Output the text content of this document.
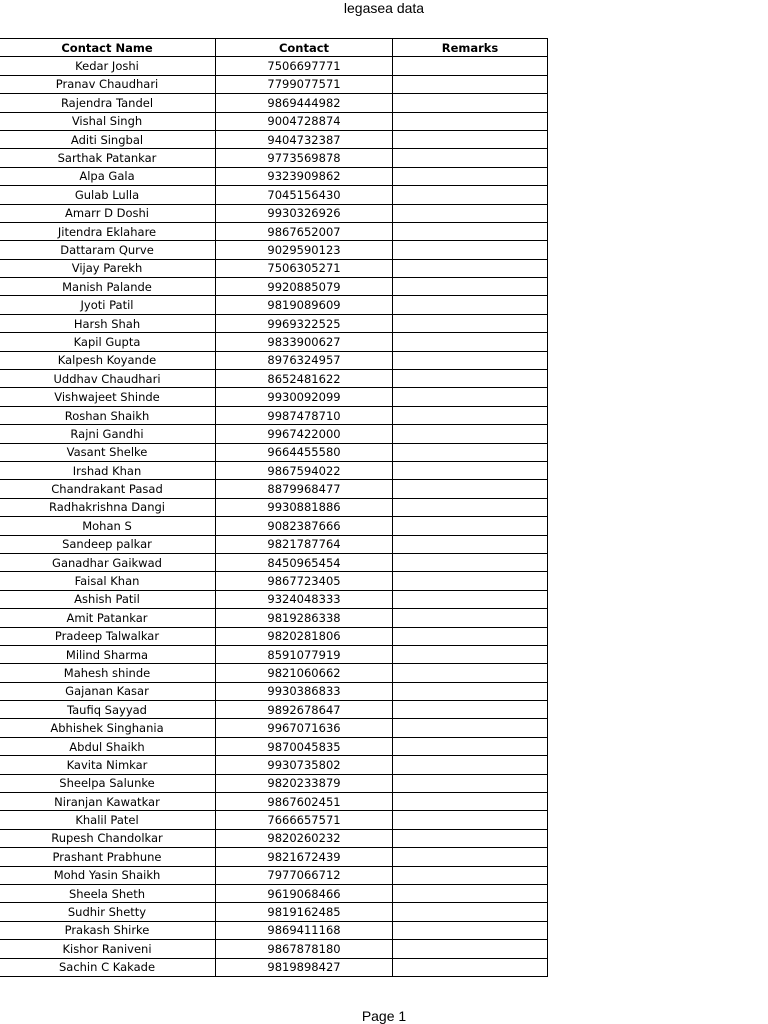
legasea data
Contact Name	Contact	Remarks
Kedar Joshi	7506697771	
Pranav Chaudhari	7799077571	
Rajendra Tandel	9869444982	
Vishal Singh	9004728874	
Aditi Singbal	9404732387	
Sarthak Patankar	9773569878	
Alpa Gala	9323909862	
Gulab Lulla	7045156430	
Amarr D Doshi	9930326926	
Jitendra Eklahare	9867652007	
Dattaram Qurve	9029590123	
Vijay Parekh	7506305271	
Manish Palande	9920885079	
Jyoti Patil	9819089609	
Harsh Shah	9969322525	
Kapil Gupta	9833900627	
Kalpesh Koyande	8976324957	
Uddhav Chaudhari	8652481622	
Vishwajeet Shinde	9930092099	
Roshan Shaikh	9987478710	
Rajni Gandhi	9967422000	
Vasant Shelke	9664455580	
Irshad Khan	9867594022	
Chandrakant Pasad	8879968477	
Radhakrishna Dangi	9930881886	
Mohan S	9082387666	
Sandeep palkar	9821787764	
Ganadhar Gaikwad	8450965454	
Faisal Khan	9867723405	
Ashish Patil	9324048333	
Amit Patankar	9819286338	
Pradeep Talwalkar	9820281806	
Milind Sharma	8591077919	
Mahesh shinde	9821060662	
Gajanan Kasar	9930386833	
Taufiq Sayyad	9892678647	
Abhishek Singhania	9967071636	
Abdul Shaikh	9870045835	
Kavita Nimkar	9930735802	
Sheelpa Salunke	9820233879	
Niranjan Kawatkar	9867602451	
Khalil Patel	7666657571	
Rupesh Chandolkar	9820260232	
Prashant Prabhune	9821672439	
Mohd Yasin Shaikh	7977066712	
Sheela Sheth	9619068466	
Sudhir Shetty	9819162485	
Prakash Shirke	9869411168	
Kishor Raniveni	9867878180	
Sachin C Kakade	9819898427	
Page 1
